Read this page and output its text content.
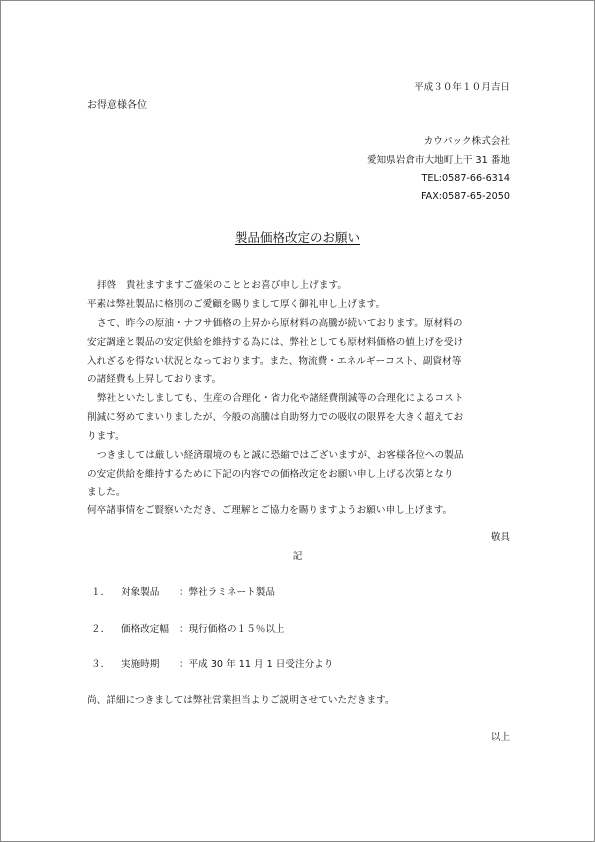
平成３０年１０月吉日
お得意様各位
カウパック株式会社
愛知県岩倉市大地町上干 31 番地
TEL:0587-66-6314
FAX:0587-65-2050
製品価格改定のお願い
拝啓　貴社ますますご盛栄のこととお喜び申し上げます。
平素は弊社製品に格別のご愛顧を賜りまして厚く御礼申し上げます。
さて、昨今の原油・ナフサ価格の上昇から原材料の高騰が続いております。原材料の
安定調達と製品の安定供給を維持する為には、弊社としても原材料価格の値上げを受け
入れざるを得ない状況となっております。また、物流費・エネルギーコスト、副資材等
の諸経費も上昇しております。
弊社といたしましても、生産の合理化・省力化や諸経費削減等の合理化によるコスト
削減に努めてまいりましたが、今般の高騰は自助努力での吸収の限界を大きく超えてお
ります。
つきましては厳しい経済環境のもと誠に恐縮ではございますが、お客様各位への製品
の安定供給を維持するために下記の内容での価格改定をお願い申し上げる次第となり
ました。
何卒諸事情をご賢察いただき、ご理解とご協力を賜りますようお願い申し上げます。
敬具
記
１． 対象製品 ：弊社ラミネート製品
２． 価格改定幅 ：現行価格の１５％以上
３． 実施時期 ：平成 30 年 11 月 1 日受注分より
尚、詳細につきましては弊社営業担当よりご説明させていただきます。
以上
